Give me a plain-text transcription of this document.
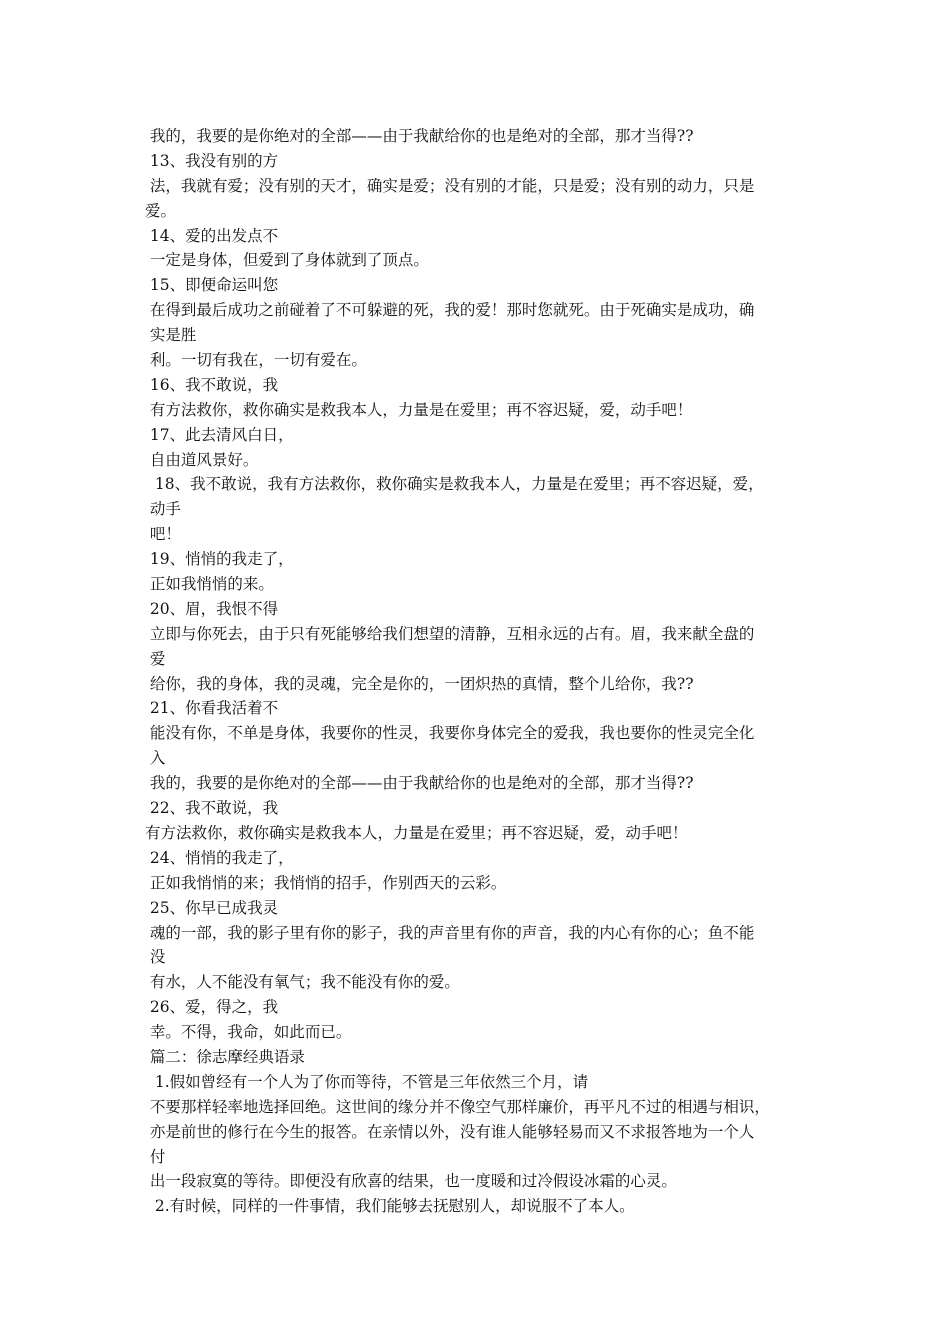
我的，我要的是你绝对的全部——由于我献给你的也是绝对的全部，那才当得??
13、我没有别的方
法，我就有爱；没有别的天才，确实是爱；没有别的才能，只是爱；没有别的动力，只是
爱。
14、爱的出发点不
一定是身体，但爱到了身体就到了顶点。
15、即便命运叫您
在得到最后成功之前碰着了不可躲避的死，我的爱！那时您就死。由于死确实是成功，确
实是胜
利。一切有我在，一切有爱在。
16、我不敢说，我
有方法救你，救你确实是救我本人，力量是在爱里；再不容迟疑，爱，动手吧！
17、此去清风白日，
自由道风景好。
18、我不敢说，我有方法救你，救你确实是救我本人，力量是在爱里；再不容迟疑，爱，
动手
吧！
19、悄悄的我走了，
正如我悄悄的来。
20、眉，我恨不得
立即与你死去，由于只有死能够给我们想望的清静，互相永远的占有。眉，我来献全盘的
爱
给你，我的身体，我的灵魂，完全是你的，一团炽热的真情，整个儿给你，我??
21、你看我活着不
能没有你，不单是身体，我要你的性灵，我要你身体完全的爱我，我也要你的性灵完全化
入
我的，我要的是你绝对的全部——由于我献给你的也是绝对的全部，那才当得??
22、我不敢说，我
有方法救你，救你确实是救我本人，力量是在爱里；再不容迟疑，爱，动手吧！
24、悄悄的我走了，
正如我悄悄的来；我悄悄的招手，作别西天的云彩。
25、你早已成我灵
魂的一部，我的影子里有你的影子，我的声音里有你的声音，我的内心有你的心；鱼不能
没
有水，人不能没有氧气；我不能没有你的爱。
26、爱，得之，我
幸。不得，我命，如此而已。
篇二：徐志摩经典语录
1.假如曾经有一个人为了你而等待，不管是三年依然三个月，请
不要那样轻率地选择回绝。这世间的缘分并不像空气那样廉价，再平凡不过的相遇与相识，
亦是前世的修行在今生的报答。在亲情以外，没有谁人能够轻易而又不求报答地为一个人
付
出一段寂寞的等待。即便没有欣喜的结果，也一度暖和过冷假设冰霜的心灵。
2.有时候，同样的一件事情，我们能够去抚慰别人，却说服不了本人。
